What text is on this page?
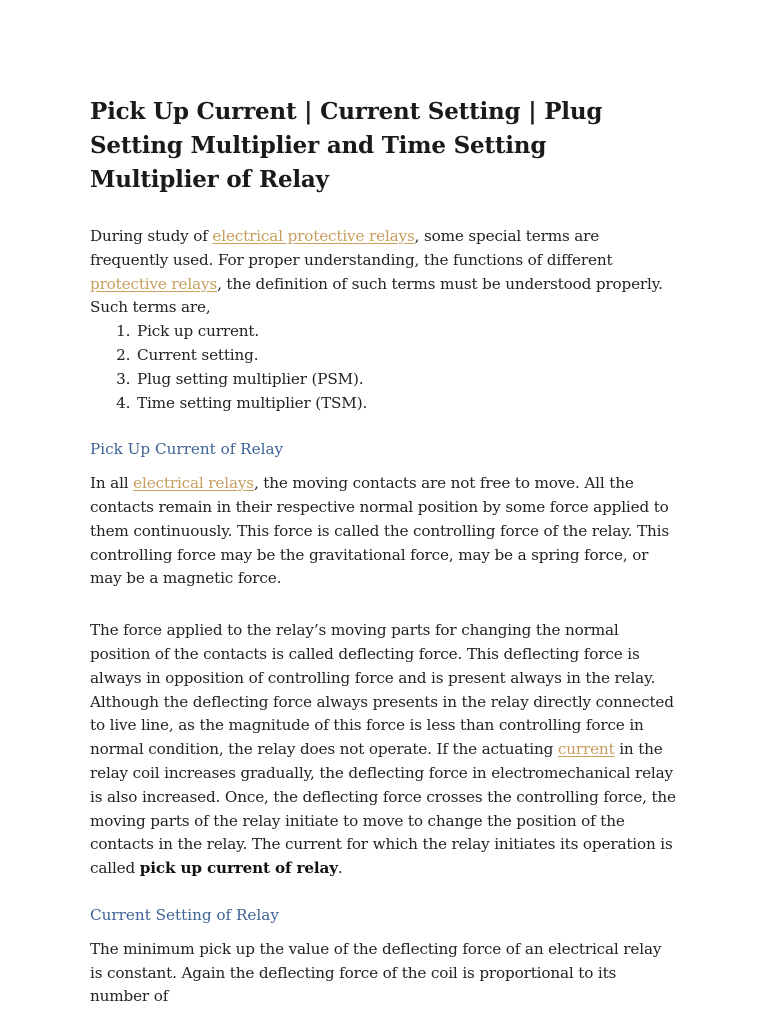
Pick Up Current | Current Setting | Plug Setting Multiplier and Time Setting Multiplier of Relay

During study of electrical protective relays, some special terms are frequently used. For proper understanding, the functions of different protective relays, the definition of such terms must be understood properly. Such terms are,

1. Pick up current.
2. Current setting.
3. Plug setting multiplier (PSM).
4. Time setting multiplier (TSM).
Pick Up Current of Relay

In all electrical relays, the moving contacts are not free to move. All the contacts remain in their respective normal position by some force applied to them continuously. This force is called the controlling force of the relay. This controlling force may be the gravitational force, may be a spring force, or may be a magnetic force.

The force applied to the relay’s moving parts for changing the normal position of the contacts is called deflecting force. This deflecting force is always in opposition of controlling force and is present always in the relay. Although the deflecting force always presents in the relay directly connected to live line, as the magnitude of this force is less than controlling force in normal condition, the relay does not operate. If the actuating current in the relay coil increases gradually, the deflecting force in electromechanical relay is also increased. Once, the deflecting force crosses the controlling force, the moving parts of the relay initiate to move to change the position of the contacts in the relay. The current for which the relay initiates its operation is called pick up current of relay.

Current Setting of Relay

The minimum pick up the value of the deflecting force of an electrical relay is constant. Again the deflecting force of the coil is proportional to its number of
